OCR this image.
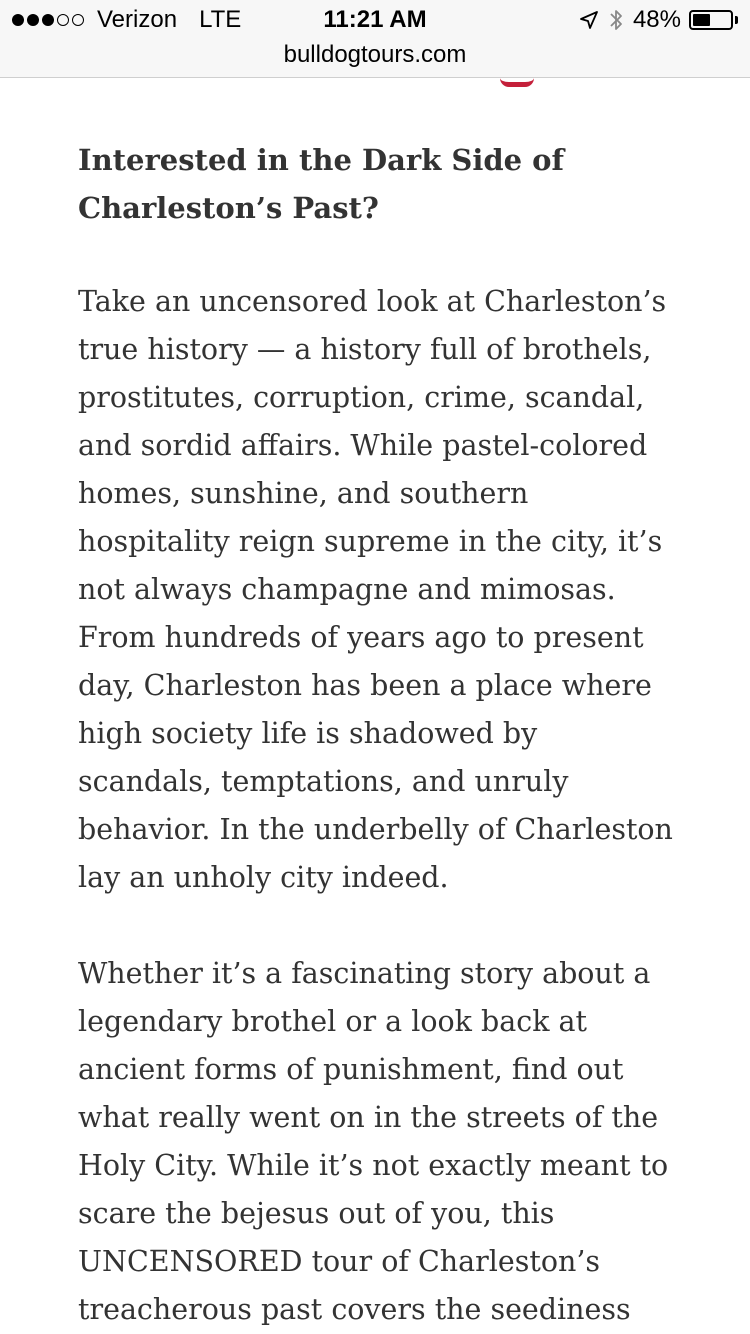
Verizon LTE	11:21 AM	48%
bulldogtours.com
Interested in the Dark Side of Charleston’s Past?

Take an uncensored look at Charleston’s true history — a history full of brothels, prostitutes, corruption, crime, scandal, and sordid affairs. While pastel-colored homes, sunshine, and southern hospitality reign supreme in the city, it’s not always champagne and mimosas. From hundreds of years ago to present day, Charleston has been a place where high society life is shadowed by scandals, temptations, and unruly behavior. In the underbelly of Charleston lay an unholy city indeed.

Whether it’s a fascinating story about a legendary brothel or a look back at ancient forms of punishment, find out what really went on in the streets of the Holy City. While it’s not exactly meant to scare the bejesus out of you, this UNCENSORED tour of Charleston’s treacherous past covers the seediness
